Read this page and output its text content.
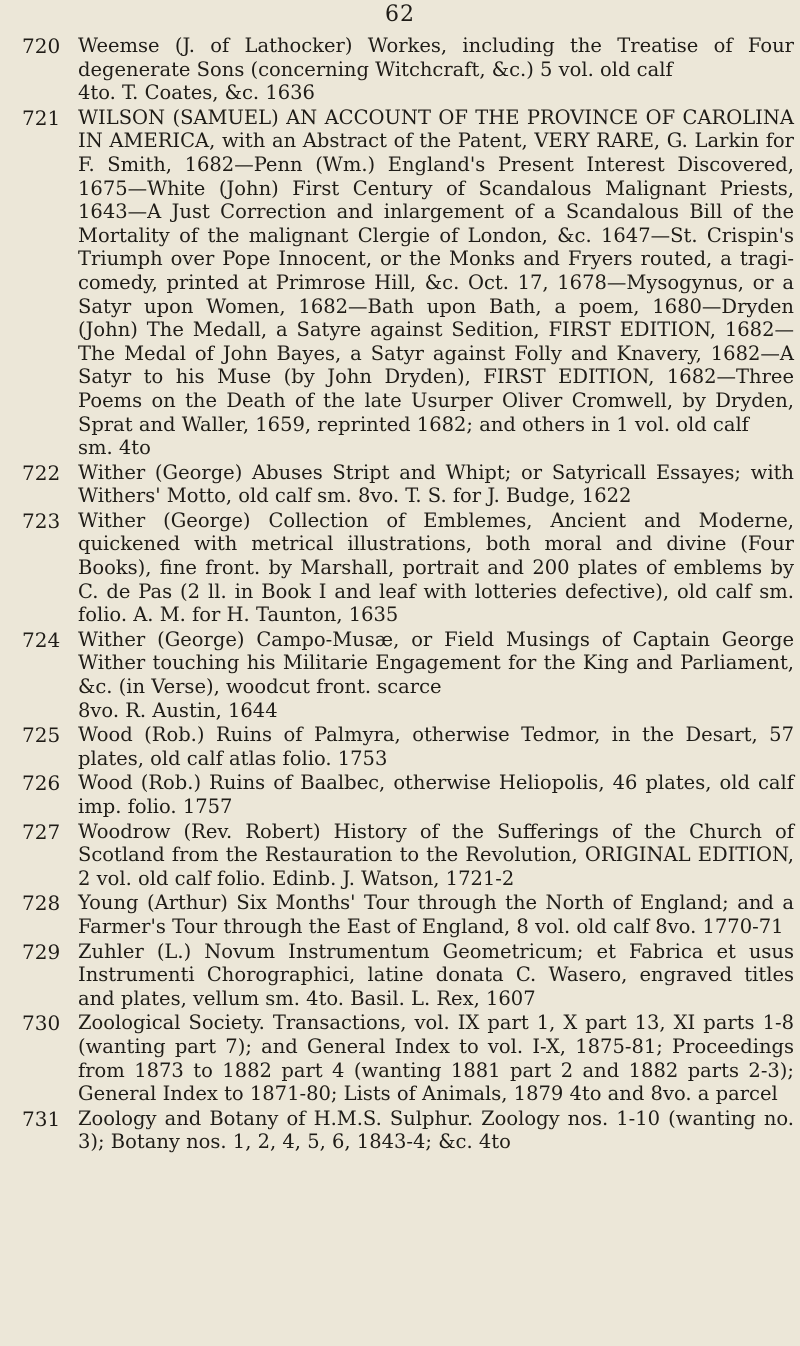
62
720 Weemse (J. of Lathocker) Workes, including the Treatise of Four degenerate Sons (concerning Witchcraft, &c.) 5 vol. old calf
4to. T. Coates, &c. 1636
721 WILSON (SAMUEL) AN ACCOUNT OF THE PROVINCE OF CAROLINA IN AMERICA, with an Abstract of the Patent, VERY RARE, G. Larkin for F. Smith, 1682—Penn (Wm.) England's Present Interest Discovered, 1675—White (John) First Century of Scandalous Malignant Priests, 1643—A Just Correction and inlargement of a Scandalous Bill of the Mortality of the malignant Clergie of London, &c. 1647—St. Crispin's Triumph over Pope Innocent, or the Monks and Fryers routed, a tragi-comedy, printed at Primrose Hill, &c. Oct. 17, 1678—Mysogynus, or a Satyr upon Women, 1682—Bath upon Bath, a poem, 1680—Dryden (John) The Medall, a Satyre against Sedition, FIRST EDITION, 1682—The Medal of John Bayes, a Satyr against Folly and Knavery, 1682—A Satyr to his Muse (by John Dryden), FIRST EDITION, 1682—Three Poems on the Death of the late Usurper Oliver Cromwell, by Dryden, Sprat and Waller, 1659, reprinted 1682; and others in 1 vol. old calf
sm. 4to
722 Wither (George) Abuses Stript and Whipt; or Satyricall Essayes; with Withers' Motto, old calf sm. 8vo. T. S. for J. Budge, 1622
723 Wither (George) Collection of Emblemes, Ancient and Moderne, quickened with metrical illustrations, both moral and divine (Four Books), fine front. by Marshall, portrait and 200 plates of emblems by C. de Pas (2 ll. in Book I and leaf with lotteries defective), old calf sm. folio. A. M. for H. Taunton, 1635
724 Wither (George) Campo-Musæ, or Field Musings of Captain George Wither touching his Militarie Engagement for the King and Parliament, &c. (in Verse), woodcut front. scarce
8vo. R. Austin, 1644
725 Wood (Rob.) Ruins of Palmyra, otherwise Tedmor, in the Desart, 57 plates, old calf atlas folio. 1753
726 Wood (Rob.) Ruins of Baalbec, otherwise Heliopolis, 46 plates, old calf imp. folio. 1757
727 Woodrow (Rev. Robert) History of the Sufferings of the Church of Scotland from the Restauration to the Revolution, ORIGINAL EDITION, 2 vol. old calf folio. Edinb. J. Watson, 1721-2
728 Young (Arthur) Six Months' Tour through the North of England; and a Farmer's Tour through the East of England, 8 vol. old calf 8vo. 1770-71
729 Zuhler (L.) Novum Instrumentum Geometricum; et Fabrica et usus Instrumenti Chorographici, latine donata C. Wasero, engraved titles and plates, vellum sm. 4to. Basil. L. Rex, 1607
730 Zoological Society. Transactions, vol. IX part 1, X part 13, XI parts 1-8 (wanting part 7); and General Index to vol. I-X, 1875-81; Proceedings from 1873 to 1882 part 4 (wanting 1881 part 2 and 1882 parts 2-3); General Index to 1871-80; Lists of Animals, 1879 4to and 8vo. a parcel
731 Zoology and Botany of H.M.S. Sulphur. Zoology nos. 1-10 (wanting no. 3); Botany nos. 1, 2, 4, 5, 6, 1843-4; &c. 4to
